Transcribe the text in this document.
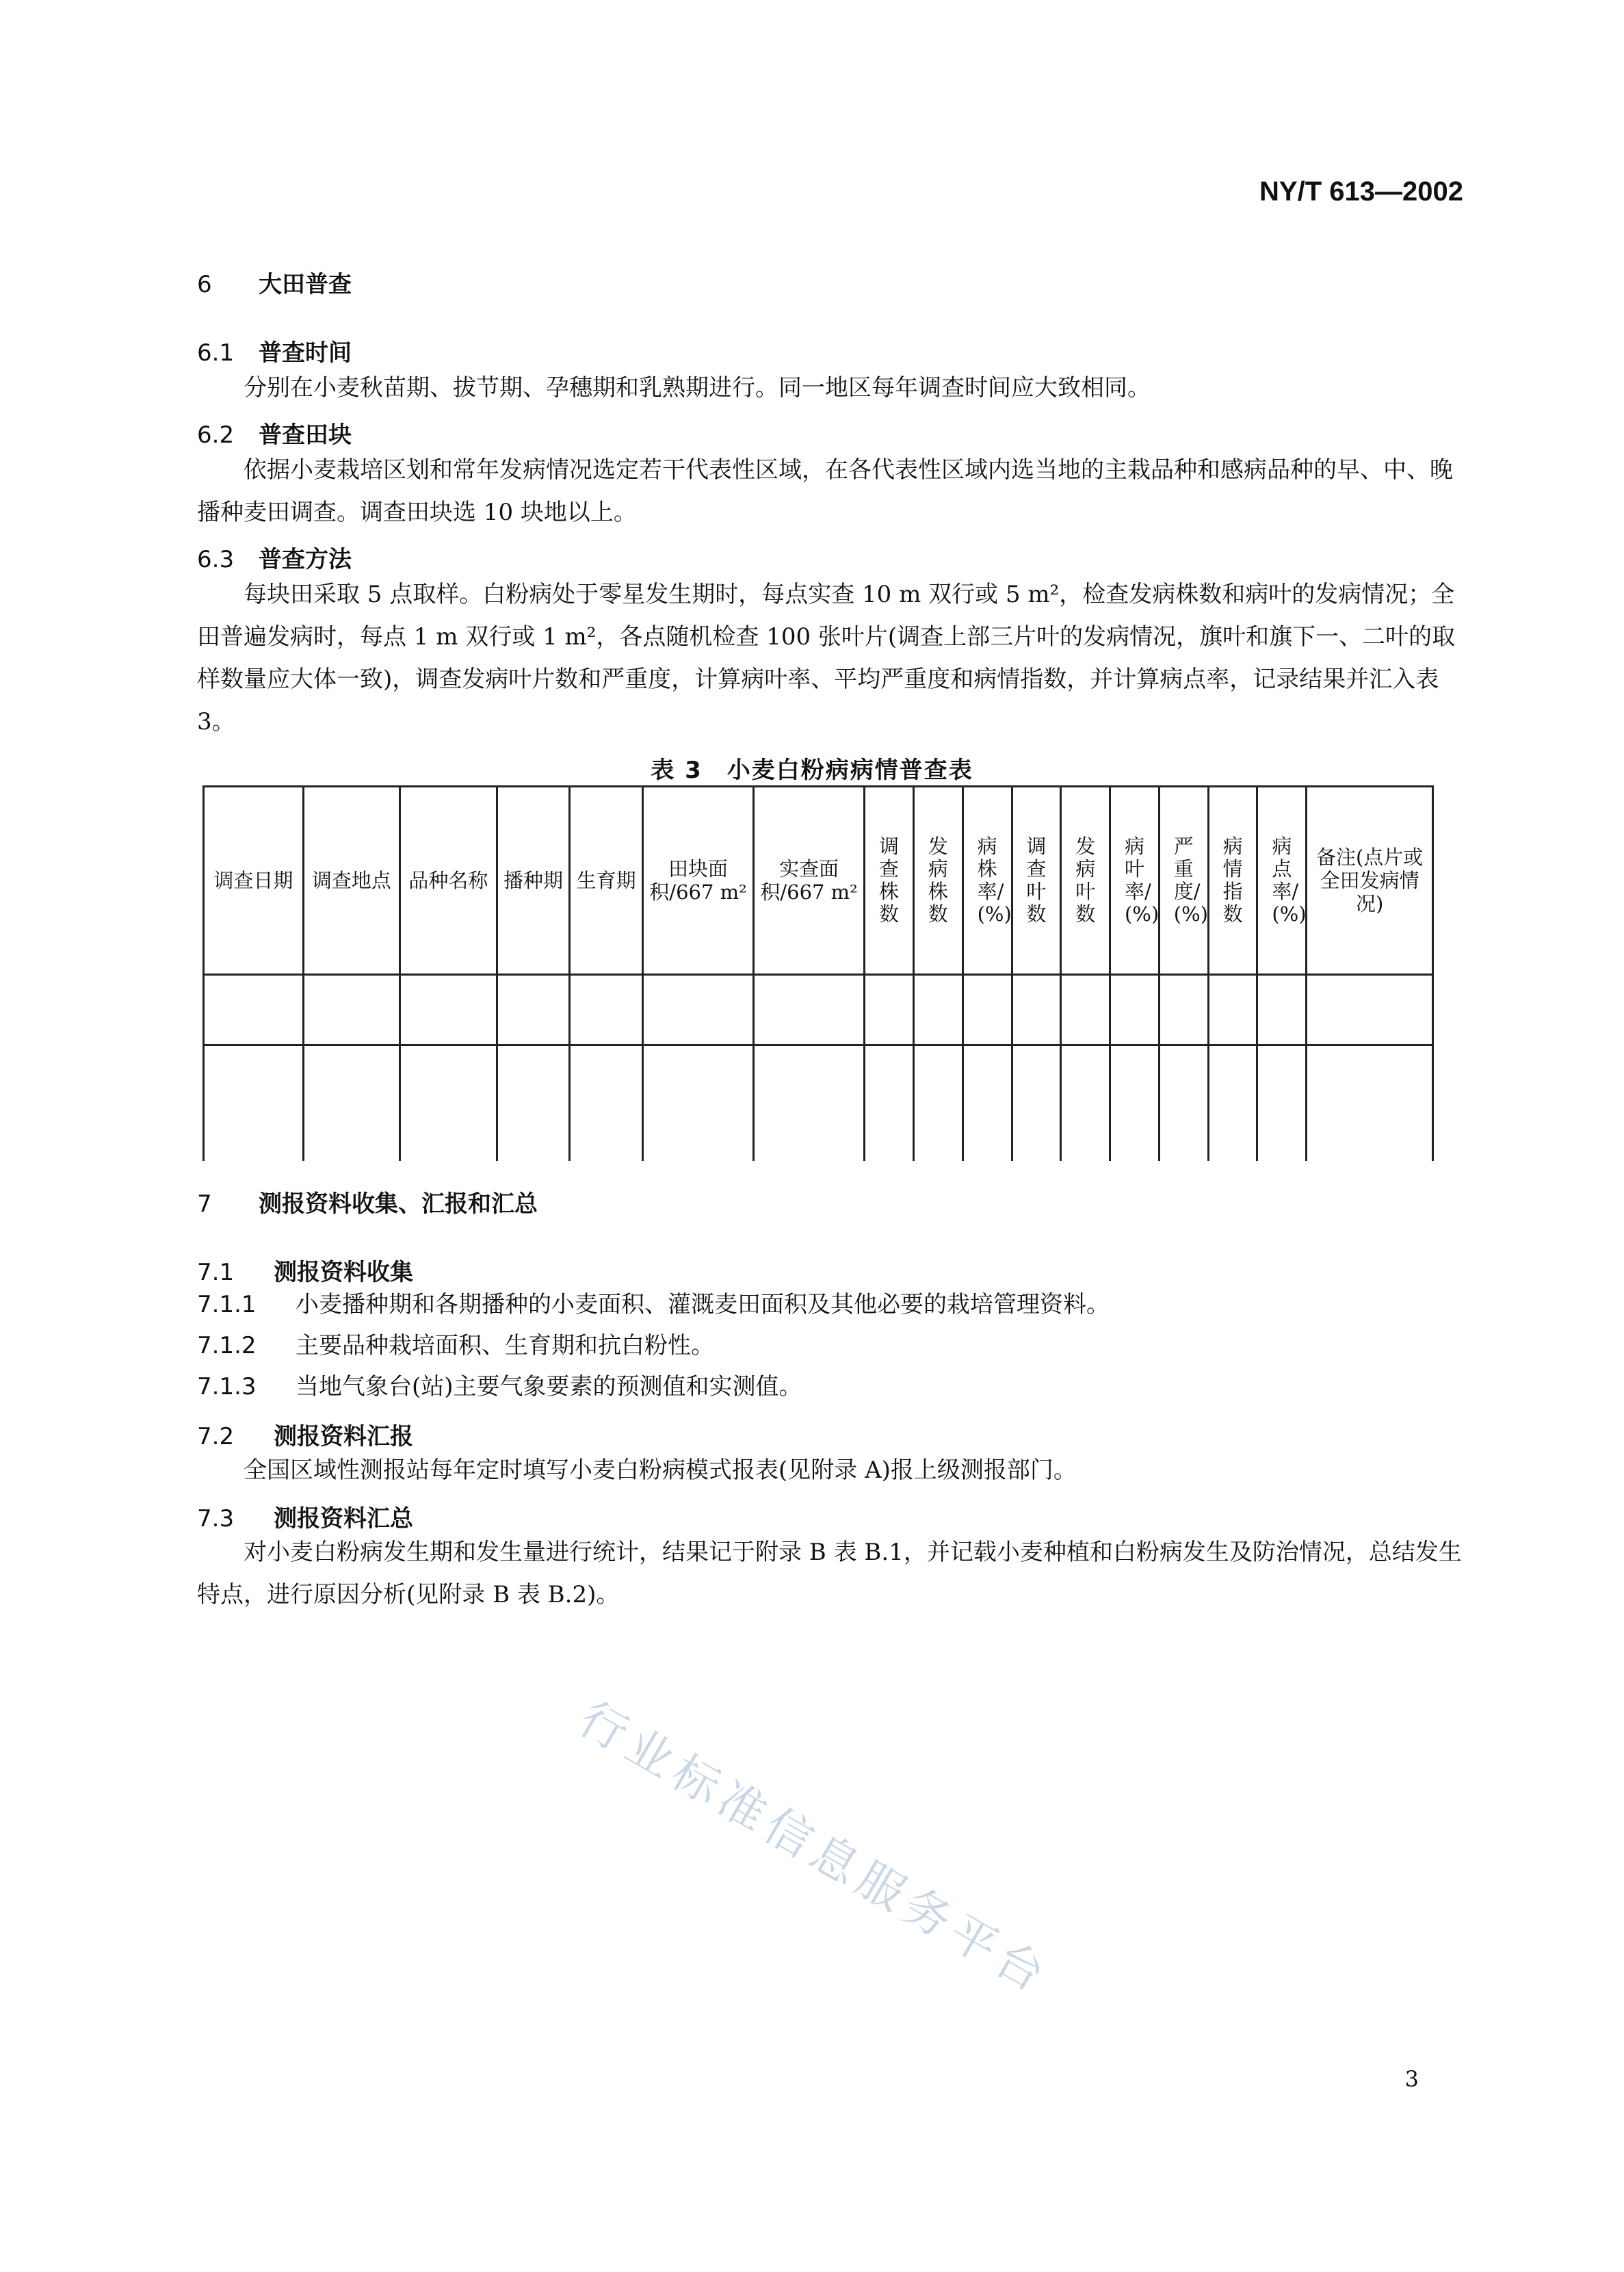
NY/T 613—2002
6 大田普查
6.1 普查时间
分别在小麦秋苗期、拔节期、孕穗期和乳熟期进行。同一地区每年调查时间应大致相同。
6.2 普查田块
依据小麦栽培区划和常年发病情况选定若干代表性区域，在各代表性区域内选当地的主栽品种和感病品种的早、中、晚播种麦田调查。调查田块选 10 块地以上。
6.3 普查方法
每块田采取 5 点取样。白粉病处于零星发生期时，每点实查 10 m 双行或 5 m²，检查发病株数和病叶的发病情况；全田普遍发病时，每点 1 m 双行或 1 m²，各点随机检查 100 张叶片(调查上部三片叶的发病情况，旗叶和旗下一、二叶的取样数量应大体一致)，调查发病叶片数和严重度，计算病叶率、平均严重度和病情指数，并计算病点率，记录结果并汇入表 3。
表 3　小麦白粉病病情普查表
调查日期	调查地点	品种名称	播种期	生育期	田块面积/667 m²	实查面积/667 m²	调查株数	发病株数	病株率/(%)	调查叶数	发病叶数	病叶率/(%)	严重度/(%)	病情指数	病点率/(%)	备注(点片或全田发病情况)

7 测报资料收集、汇报和汇总
7.1 测报资料收集
7.1.1 小麦播种期和各期播种的小麦面积、灌溉麦田面积及其他必要的栽培管理资料。
7.1.2 主要品种栽培面积、生育期和抗白粉性。
7.1.3 当地气象台(站)主要气象要素的预测值和实测值。
7.2 测报资料汇报
全国区域性测报站每年定时填写小麦白粉病模式报表(见附录 A)报上级测报部门。
7.3 测报资料汇总
对小麦白粉病发生期和发生量进行统计，结果记于附录 B 表 B.1，并记载小麦种植和白粉病发生及防治情况，总结发生特点，进行原因分析(见附录 B 表 B.2)。
行业标准信息服务平台
3
